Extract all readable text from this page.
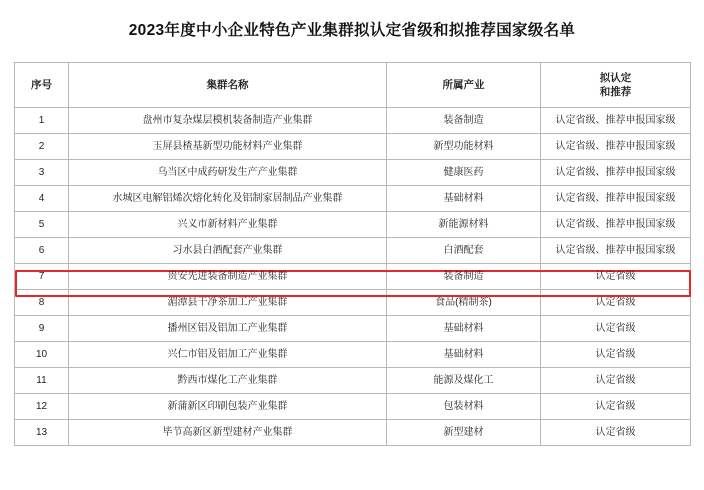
2023年度中小企业特色产业集群拟认定省级和拟推荐国家级名单
序号	集群名称	所属产业	拟认定
和推荐

1	盘州市复杂煤层模机装备制造产业集群	装备制造	认定省级、推荐申报国家级
2	玉屏县楂基新型功能材料产业集群	新型功能材料	认定省级、推荐申报国家级
3	乌当区中成药研发生产产业集群	健康医药	认定省级、推荐申报国家级
4	水城区电解铝烯次熔化转化及铝制家居制品产业集群	基础材料	认定省级、推荐申报国家级
5	兴义市新材料产业集群	新能源材料	认定省级、推荐申报国家级
6	习水县白酒配套产业集群	白酒配套	认定省级、推荐申报国家级
7	贵安先进装备制造产业集群	装备制造	认定省级
8	湄潭县干净茶加工产业集群	食品(精制茶)	认定省级
9	播州区铝及铝加工产业集群	基础材料	认定省级
10	兴仁市铝及铝加工产业集群	基础材料	认定省级
11	黔西市煤化工产业集群	能源及煤化工	认定省级
12	新蒲新区印刷包装产业集群	包装材料	认定省级
13	毕节高新区新型建材产业集群	新型建材	认定省级
